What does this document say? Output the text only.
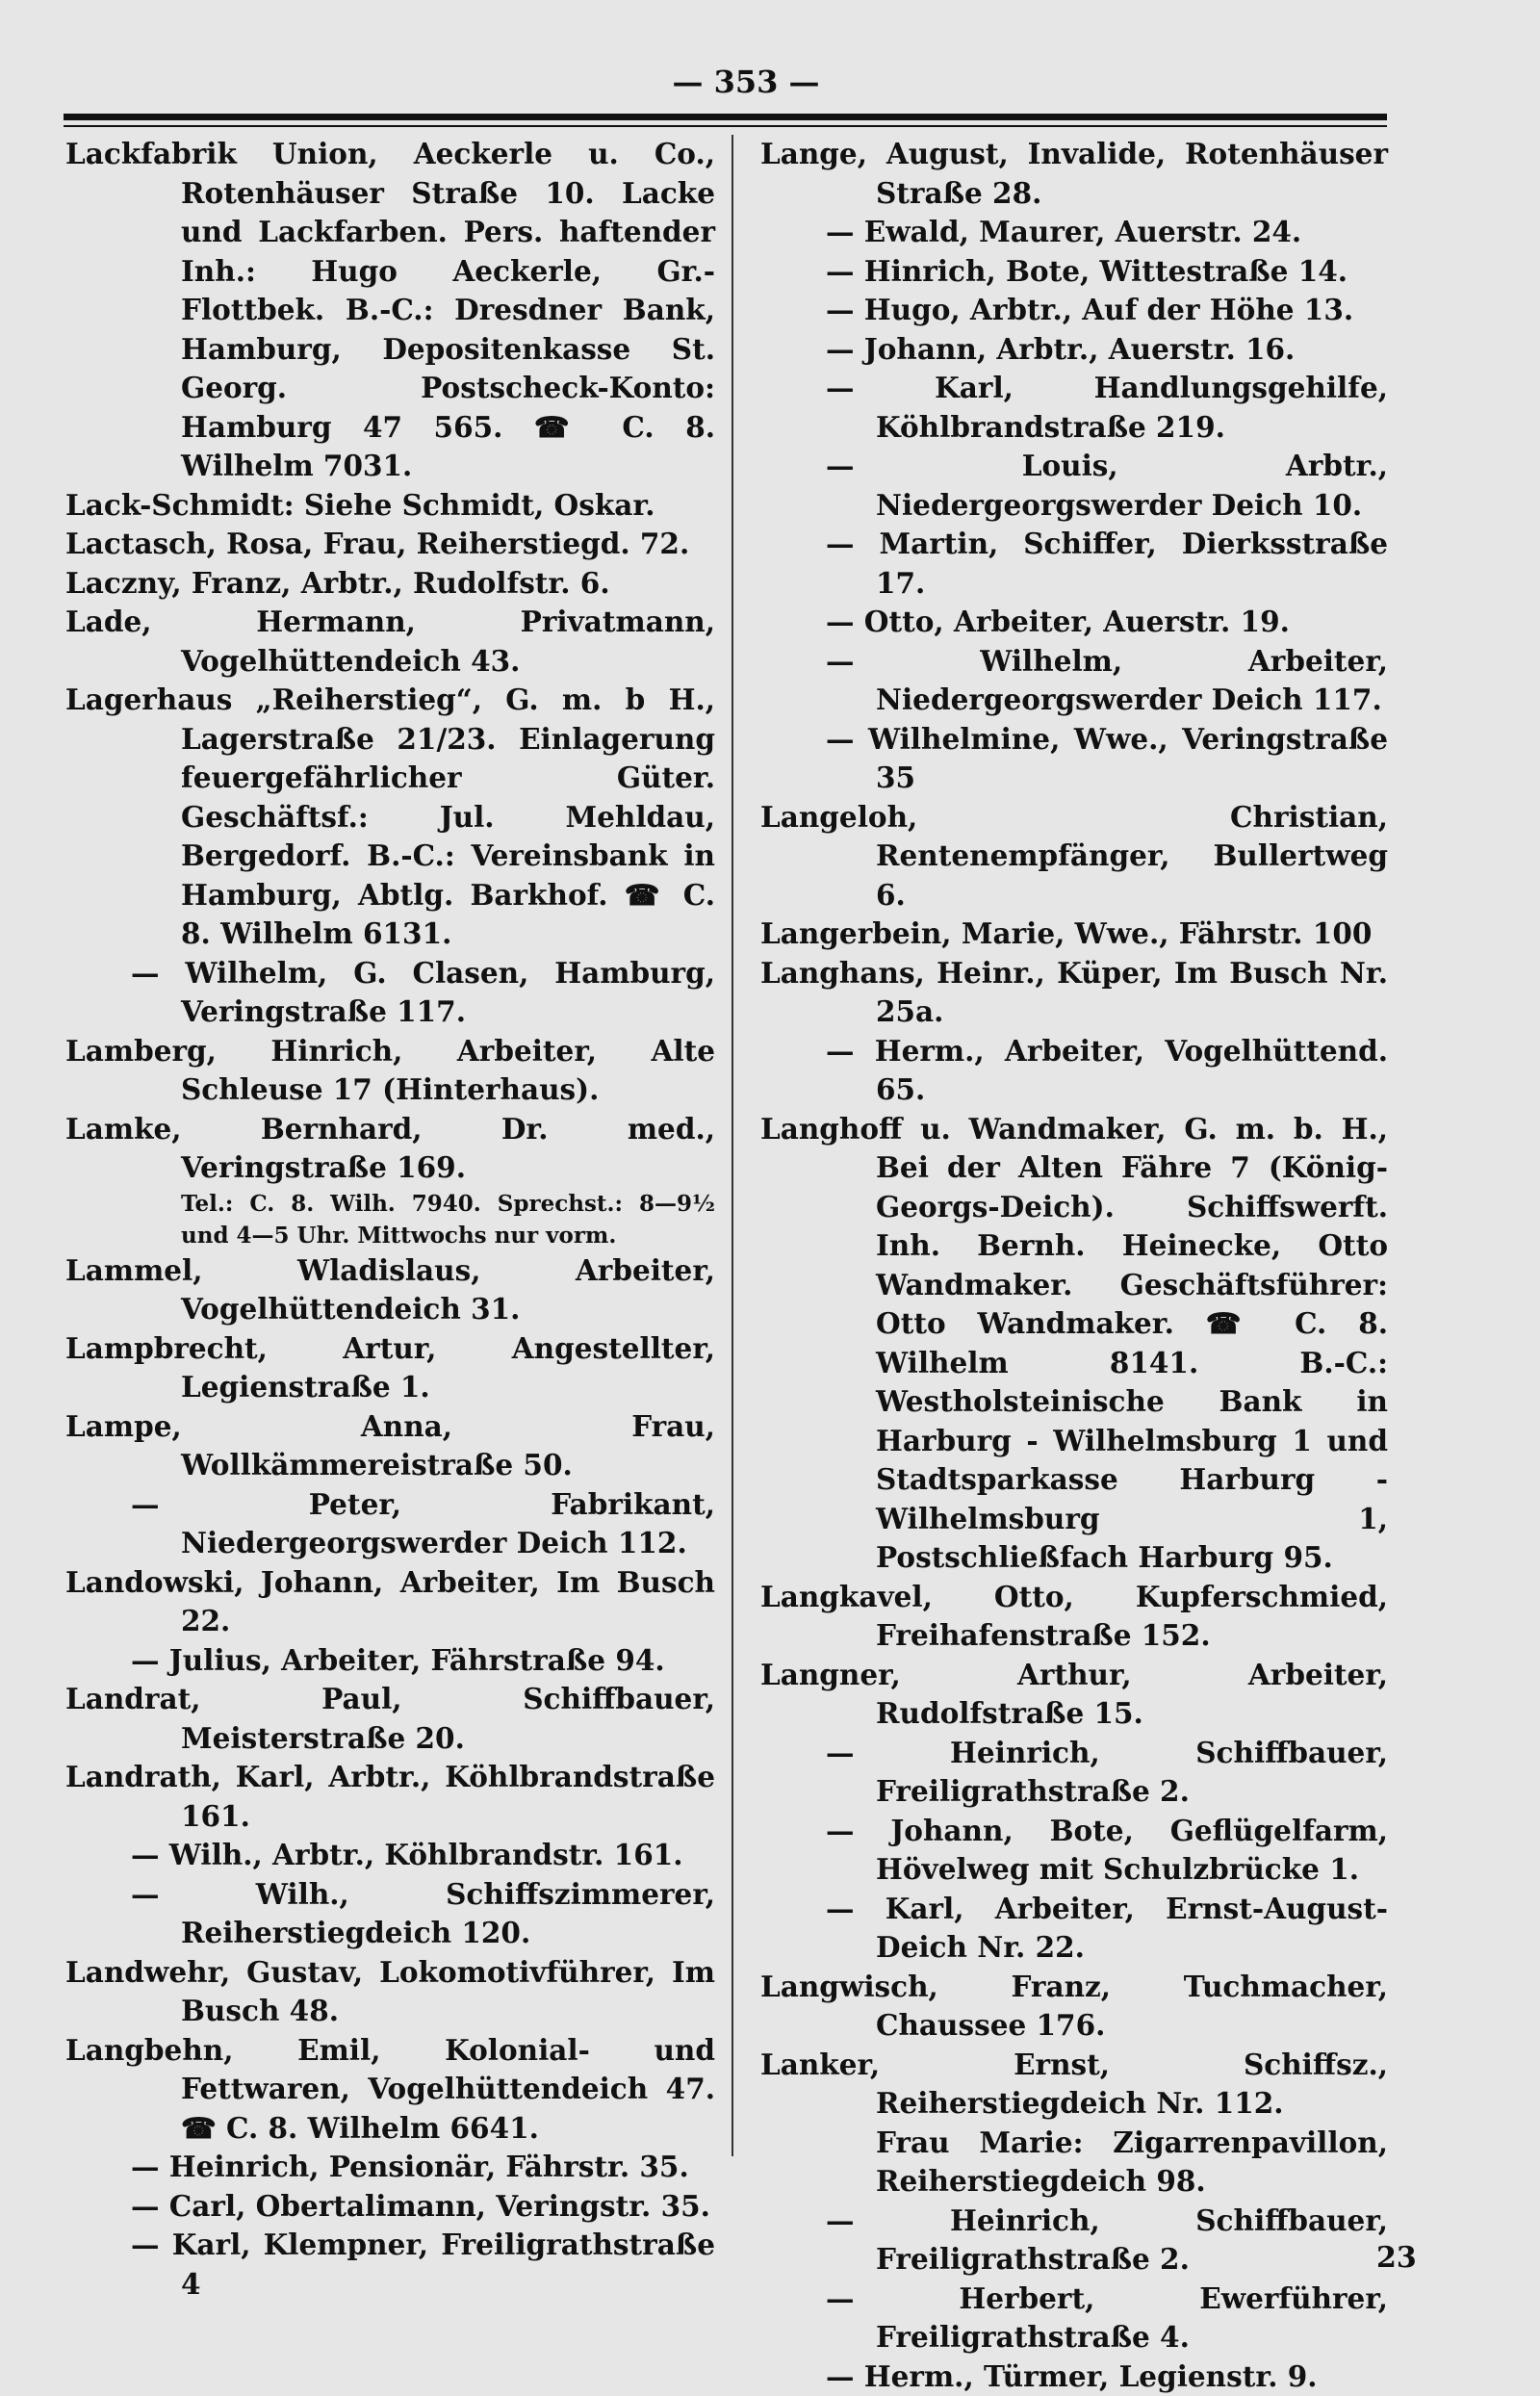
— 353 —

Lackfabrik Union, Aeckerle u. Co., Rotenhäuser Straße 10. Lacke und Lackfarben. Pers. haftender Inh.: Hugo Aeckerle, Gr.-Flottbek. B.-C.: Dresdner Bank, Hamburg, Depositenkasse St. Georg. Postscheck-Konto: Hamburg 47 565. ☎ C. 8. Wilhelm 7031.

Lack-Schmidt: Siehe Schmidt, Oskar.

Lactasch, Rosa, Frau, Reiherstiegd. 72.

Laczny, Franz, Arbtr., Rudolfstr. 6.

Lade, Hermann, Privatmann, Vogelhüttendeich 43.

Lagerhaus „Reiherstieg“, G. m. b H., Lagerstraße 21/23. Einlagerung feuergefährlicher Güter. Geschäftsf.: Jul. Mehldau, Bergedorf. B.-C.: Vereinsbank in Hamburg, Abtlg. Barkhof. ☎ C. 8. Wilhelm 6131.

— Wilhelm, G. Clasen, Hamburg, Veringstraße 117.

Lamberg, Hinrich, Arbeiter, Alte Schleuse 17 (Hinterhaus).

Lamke, Bernhard, Dr. med., Veringstraße 169.

Tel.: C. 8. Wilh. 7940. Sprechst.: 8—9½ und 4—5 Uhr. Mittwochs nur vorm.

Lammel, Wladislaus, Arbeiter, Vogelhüttendeich 31.

Lampbrecht, Artur, Angestellter, Legienstraße 1.

Lampe, Anna, Frau, Wollkämmereistraße 50.

— Peter, Fabrikant, Niedergeorgswerder Deich 112.

Landowski, Johann, Arbeiter, Im Busch 22.

— Julius, Arbeiter, Fährstraße 94.

Landrat, Paul, Schiffbauer, Meisterstraße 20.

Landrath, Karl, Arbtr., Köhlbrandstraße 161.

— Wilh., Arbtr., Köhlbrandstr. 161.

— Wilh., Schiffszimmerer, Reiherstiegdeich 120.

Landwehr, Gustav, Lokomotivführer, Im Busch 48.

Langbehn, Emil, Kolonial- und Fettwaren, Vogelhüttendeich 47. ☎ C. 8. Wilhelm 6641.

— Heinrich, Pensionär, Fährstr. 35.

— Carl, Obertalimann, Veringstr. 35.

— Karl, Klempner, Freiligrathstraße 4

Lange, August, Invalide, Rotenhäuser Straße 28.

— Ewald, Maurer, Auerstr. 24.

— Hinrich, Bote, Wittestraße 14.

— Hugo, Arbtr., Auf der Höhe 13.

— Johann, Arbtr., Auerstr. 16.

— Karl, Handlungsgehilfe, Köhlbrandstraße 219.

— Louis, Arbtr., Niedergeorgswerder Deich 10.

— Martin, Schiffer, Dierksstraße 17.

— Otto, Arbeiter, Auerstr. 19.

— Wilhelm, Arbeiter, Niedergeorgswerder Deich 117.

— Wilhelmine, Wwe., Veringstraße 35

Langeloh, Christian, Rentenempfänger, Bullertweg 6.

Langerbein, Marie, Wwe., Fährstr. 100

Langhans, Heinr., Küper, Im Busch Nr. 25a.

— Herm., Arbeiter, Vogelhüttend. 65.

Langhoff u. Wandmaker, G. m. b. H., Bei der Alten Fähre 7 (König-Georgs-Deich). Schiffswerft. Inh. Bernh. Heinecke, Otto Wandmaker. Geschäftsführer: Otto Wandmaker. ☎ C. 8. Wilhelm 8141. B.-C.: Westholsteinische Bank in Harburg - Wilhelmsburg 1 und Stadtsparkasse Harburg - Wilhelmsburg 1, Postschließfach Harburg 95.

Langkavel, Otto, Kupferschmied, Freihafenstraße 152.

Langner, Arthur, Arbeiter, Rudolfstraße 15.

— Heinrich, Schiffbauer, Freiligrathstraße 2.

— Johann, Bote, Geflügelfarm, Hövelweg mit Schulzbrücke 1.

— Karl, Arbeiter, Ernst-August-Deich Nr. 22.

Langwisch, Franz, Tuchmacher, Chaussee 176.

Lanker, Ernst, Schiffsz., Reiherstiegdeich Nr. 112.

Frau Marie: Zigarrenpavillon, Reiherstiegdeich 98.

— Heinrich, Schiffbauer, Freiligrathstraße 2.

— Herbert, Ewerführer, Freiligrathstraße 4.

— Herm., Türmer, Legienstr. 9.

23
